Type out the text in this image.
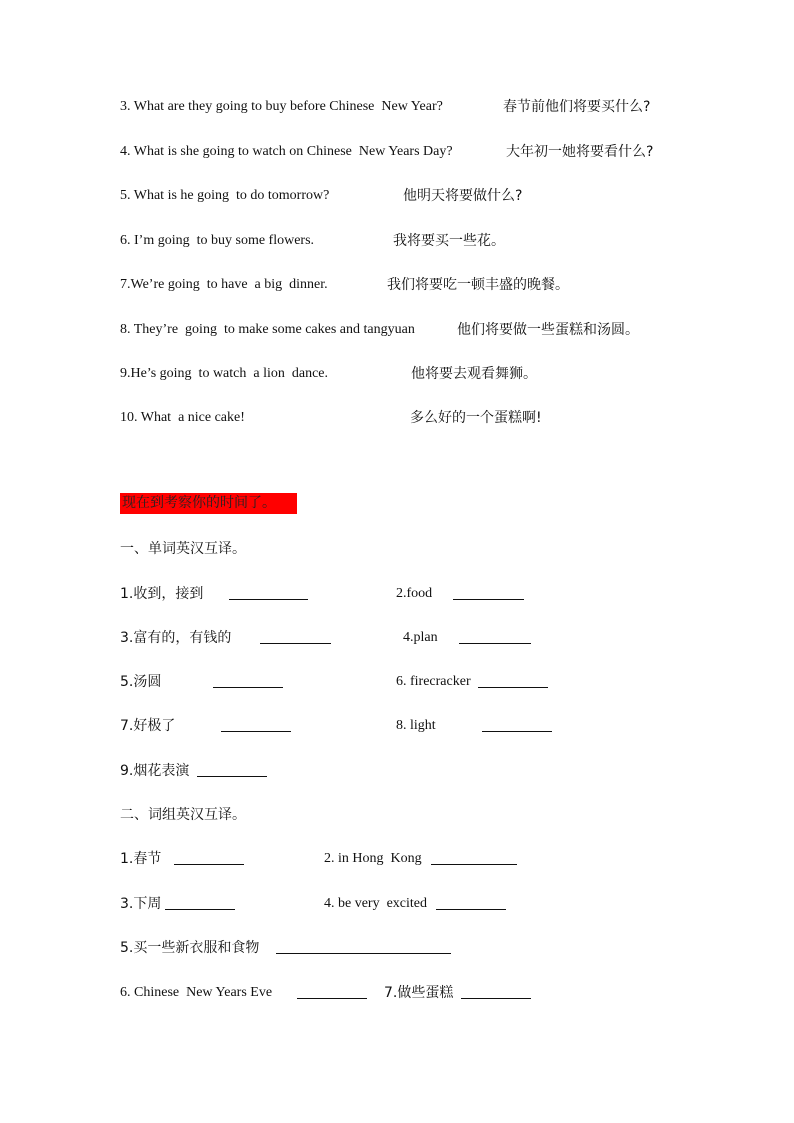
3. What are they going to buy before Chinese  New Year?	春节前他们将要买什么?
4. What is she going to watch on Chinese  New Years Day?	大年初一她将要看什么?
5. What is he going  to do tomorrow?	他明天将要做什么?
6. I’m going  to buy some flowers.	我将要买一些花。
7.We’re going  to have  a big  dinner.	我们将要吃一顿丰盛的晚餐。
8. They’re  going  to make some cakes and tangyuan	他们将要做一些蛋糕和汤圆。
9.He’s going  to watch  a lion  dance.	他将要去观看舞狮。
10. What  a nice cake!	多么好的一个蛋糕啊!
现在到考察你的时间了。
一、单词英汉互译。
1.收到，接到	2.food
3.富有的，有钱的	4.plan
5.汤圆	6. firecracker
7.好极了	8. light
9.烟花表演
二、词组英汉互译。
1.春节	2. in Hong  Kong
3.下周	4. be very  excited
5.买一些新衣服和食物
6. Chinese  New Years Eve	7.做些蛋糕
